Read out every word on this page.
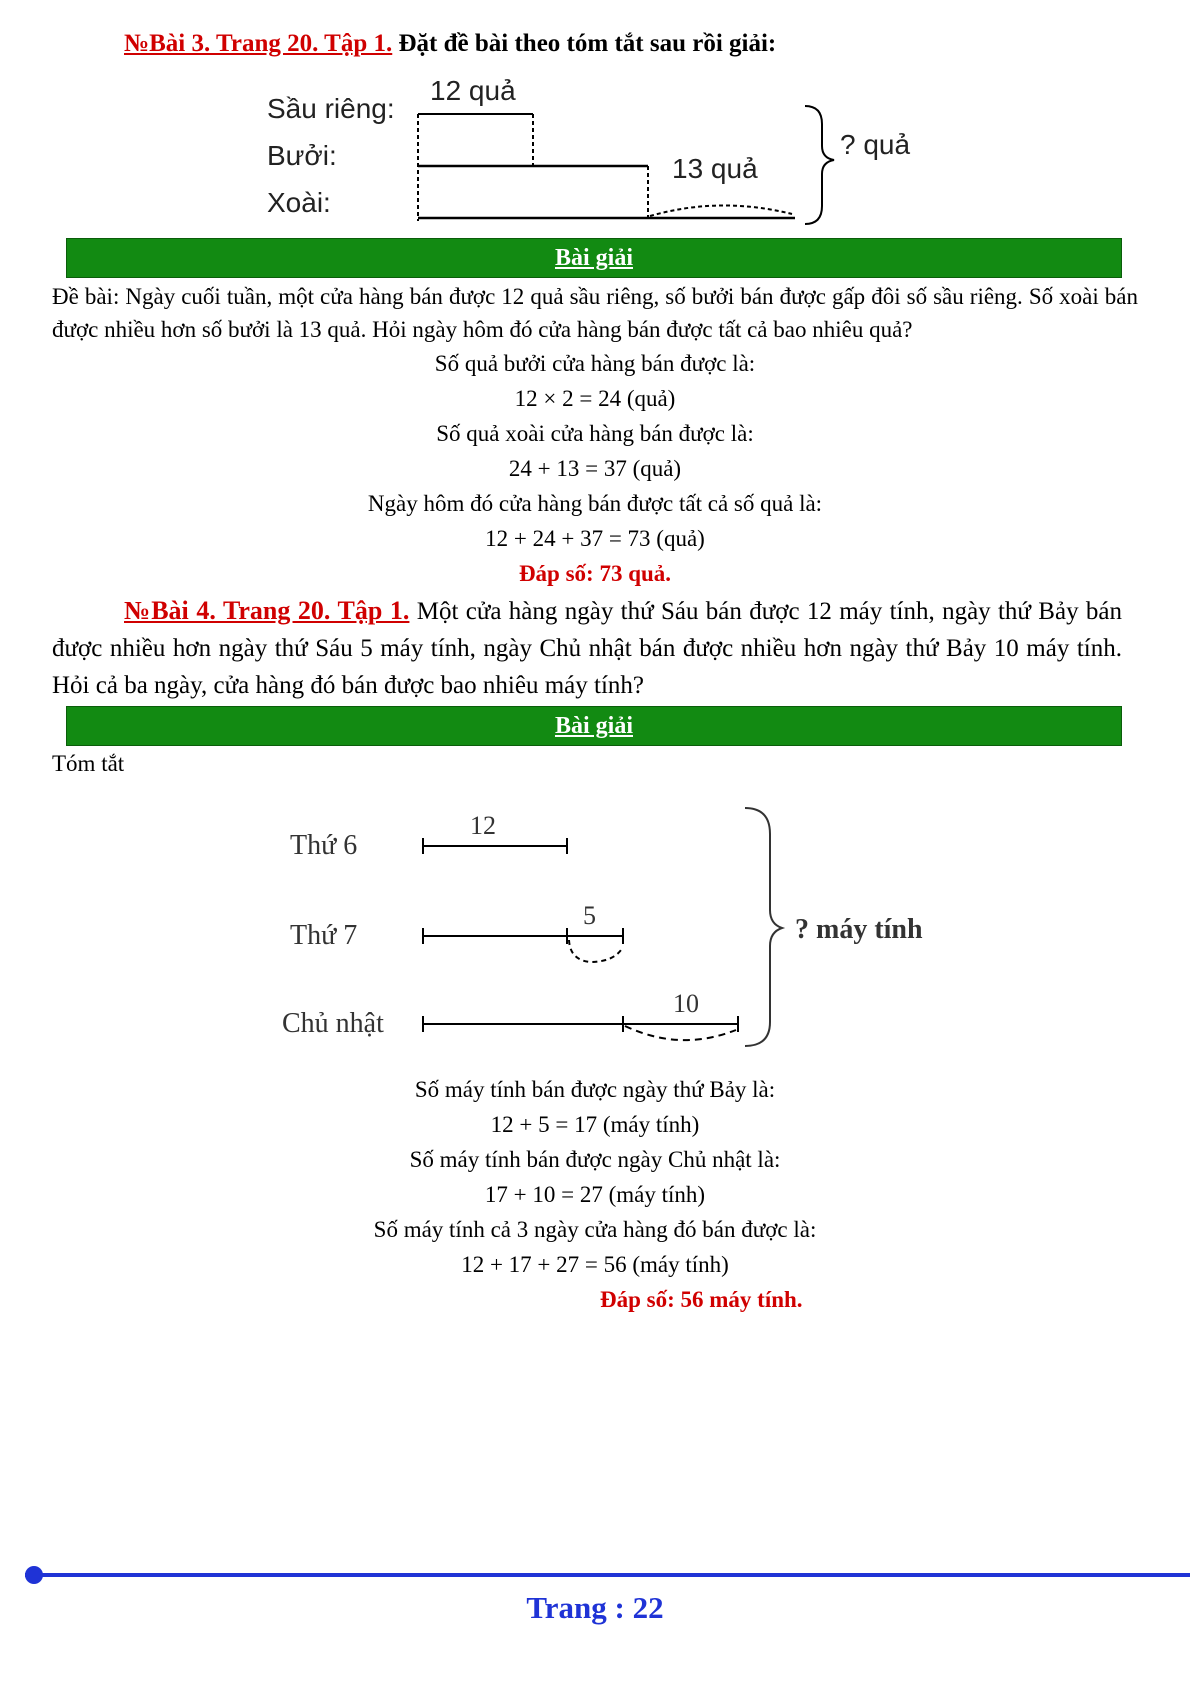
№Bài 3. Trang 20. Tập 1. Đặt đề bài theo tóm tắt sau rồi giải:
Sầu riêng:
Bưởi:
Xoài:
12 quả
13 quả
? quả
Bài giải
Đề bài: Ngày cuối tuần, một cửa hàng bán được 12 quả sầu riêng, số bưởi bán được gấp đôi số sầu riêng. Số xoài bán được nhiều hơn số bưởi là 13 quả. Hỏi ngày hôm đó cửa hàng bán được tất cả bao nhiêu quả?
Số quả bưởi cửa hàng bán được là:
12 × 2 = 24 (quả)
Số quả xoài cửa hàng bán được là:
24 + 13 = 37 (quả)
Ngày hôm đó cửa hàng bán được tất cả số quả là:
12 + 24 + 37 = 73 (quả)
Đáp số: 73 quả.
№Bài 4. Trang 20. Tập 1. Một cửa hàng ngày thứ Sáu bán được 12 máy tính, ngày thứ Bảy bán được nhiều hơn ngày thứ Sáu 5 máy tính, ngày Chủ nhật bán được nhiều hơn ngày thứ Bảy 10 máy tính. Hỏi cả ba ngày, cửa hàng đó bán được bao nhiêu máy tính?
Bài giải
Tóm tắt
Thứ 6
Thứ 7
Chủ nhật
12
5
10
? máy tính
Số máy tính bán được ngày thứ Bảy là:
12 + 5 = 17 (máy tính)
Số máy tính bán được ngày Chủ nhật là:
17 + 10 = 27 (máy tính)
Số máy tính cả 3 ngày cửa hàng đó bán được là:
12 + 17 + 27 = 56 (máy tính)
Đáp số: 56 máy tính.
Trang : 22
